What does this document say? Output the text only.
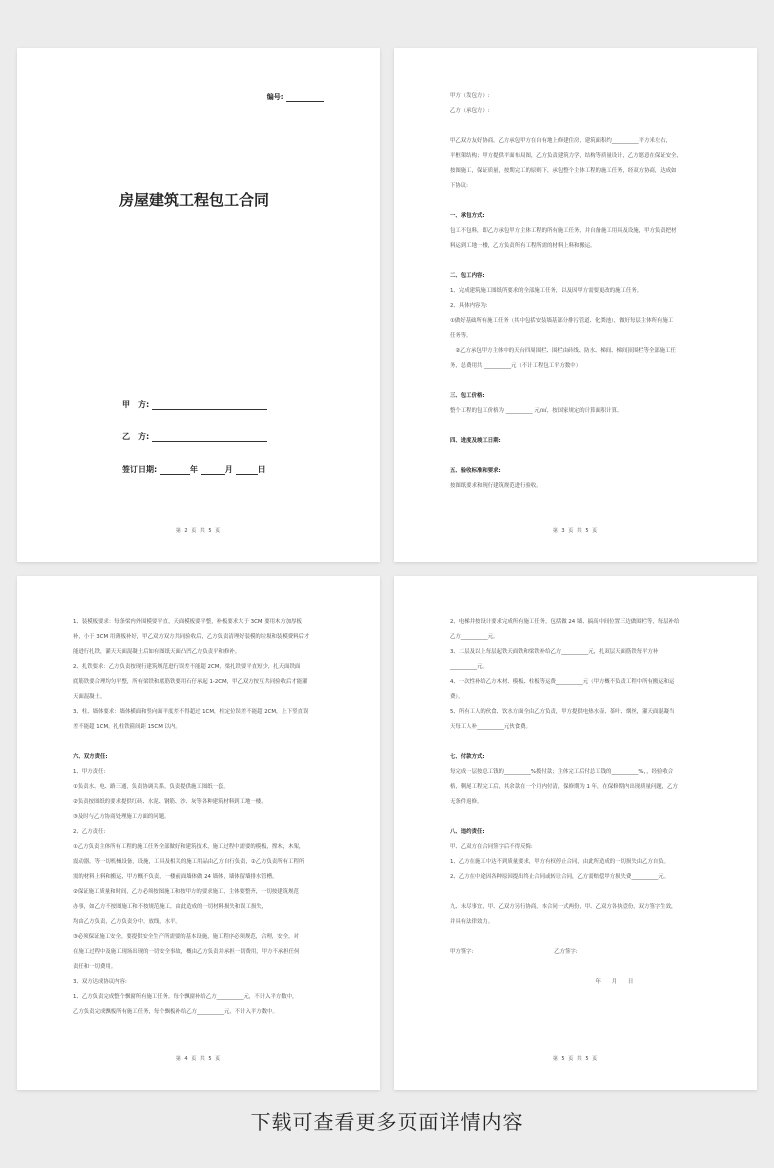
编号:
房屋建筑工程包工合同
甲　方:
乙　方:
签订日期:	年	月	日
第 2 页 共 5 页

甲方（发包方）:

乙方（承包方）:

甲乙双方友好协商，乙方承包甲方在自有地上修建住房，建筑面积约__________平方米左右，

平框架结构；甲方提供平面布局图，乙方负责建筑力学，结构等质量设计，乙方愿意在保证安全，

按图施工，保证质量，按期完工的原则下，承包整个主体工程的施工任务，经双方协商，达成如

下协议:

一、承包方式:

包工不包料，即乙方承包甲方主体工程的所有施工任务，并自备施工用具及设施，甲方负责把材

料运到工地一楼，乙方负责所有工程所需的材料上料和搬运。

二、包工内容:

1、完成建筑施工图纸所要求的全部施工任务，以及因甲方需要更改的施工任务。

2、具体内容为:

①做好基础所有施工任务（其中包括安装墙基部分排污管道、化粪池），做好每层主体所有施工

任务等。

　②乙方承包甲方主体中的天台四周围栏、围栏由砖线、防水、梯间、梯间顶围栏等全部施工任

务，总费用共 __________元（不计工程包工平方数中）

三、包工价格:

整个工程的包工价格为 __________ 元/㎡，按国家规定的计算面积计算。

四、进度及竣工日期:

五、验收标准和要求:

按图纸要求和现行建筑规范进行验收。

第 3 页 共 5 页

1、装模板要求：每条梁内外围模要平直，天面模板要平整，补板要求大于 3CM 要用木方加厚板

补，小于 3CM 用薄板补好，甲乙双方双方共同验收后，乙方负责清理好装模的垃圾和装模费料后才

能进行扎铁，灌天天面混凝土后如有图纸天面凸凹乙方负责平和修补。

2、扎铁要求：乙方负责按现行建筑规范进行误差不能超 2CM，梁扎铁要平直短少，扎天面铁面

底筋铁要合理均匀平整，所有梁铁和底筋铁要用石仔承起 1-2CM，甲乙双方按互共同验收后才能灌

天面混凝土。

3、柱、墙体要求：墙体横面和竖向面平度差不得超过 1CM，柱定位误差不能超 2CM，上下竖直误

差不能超 1CM，扎柱铁箍间距 15CM 以内。

六、双方责任:

1、甲方责任:

①负责水、电、路三通，负责协调关系，负责提供施工图纸一套。

②负责按图纸的要求提供红砖、水泥、钢筋、沙、灰等各种建筑材料到工地一楼。

③及时与乙方协商处理施工方面的问题。

2、乙方责任:

①乙方负责主体所有工程的施工任务全部做好和建筑技术，施工过程中需要的模板，撑木，木架，

震动器，等一切机械设备，设施，工具及相关的施工用品由乙方自行负责，②乙方负责所有工程所

需的材料上料和搬运，甲方概不负责，一楼前面墙体做 24 墙体，墙体留墙排水管槽。

②保证施工质量和时间，乙方必须按图施工和按甲方的要求施工，主体要整齐，一切按建筑规范

办事，如乙方不按图施工和不按规范施工，由此造成的一切材料损失和误工损失，

均由乙方负责，乙方负责分中，放线，水平。

③必须保证施工安全，要提供安全生产所需要的基本设施，施工程序必须规范，合理，安全，对

在施工过程中及施工现场出现的一切安全事故，概由乙方负责并承担一切费用，甲方不承担任何

责任和一切费用。

3、双方达成协议内容:

1、乙方负责完成整个飘窗所有施工任务，每个飘窗补给乙方__________元，不计入平方数中，

乙方负责完成飘板所有施工任务，每个飘板补给乙方__________元，不计入平方数中。

第 4 页 共 5 页

2、电梯井按设计要求完成所有施工任务，包括做 24 墙、搞高中间位置三边做围栏等，每层补给

乙方__________元。

3、二层及以上每层起铁天面铁和梁铁补给乙方__________元，扎双层天面筋铁每平方补

__________元。

4、一次性补给乙方木材、模板、柱板等运费__________元（甲方概不负责工程中所有搬运和运

费）。

5、所有工人的伙食、饮水方面全由乙方负责，甲方提供电热水壶、茶叶、烟丝，灌天面混凝当

天每工人补__________元伙食费。

七、付款方式:

每完成一层按总工钱的__________%拨付款；主体完工后付总工钱的__________%，，经验收合

格，剩尾工程完工后，其余款在一个月内付清，保修期为 1 年，在保修期内出现质量问题，乙方

无条件返修。

八、违约责任:

甲、乙双方在合同签字后不得反悔:

1、乙方在施工中达不到质量要求，甲方有权停止合同，由此所造成的一切损失由乙方自负。

2、乙方在中途因各种原因提出终止合同或转让合同，乙方需赔偿甲方损失费__________元。

九、未尽事宜，甲、乙双方另行协商，本合同一式两份，甲、乙双方各执壹份，双方签字生效，

并具有法律效力。

甲方签字:　　　　　　　　　　　　　　　乙方签字:

　　　　　　　　　　　　　　　　　　　　　　　　　　　年　　月　　日

第 5 页 共 5 页
下载可查看更多页面详情内容
